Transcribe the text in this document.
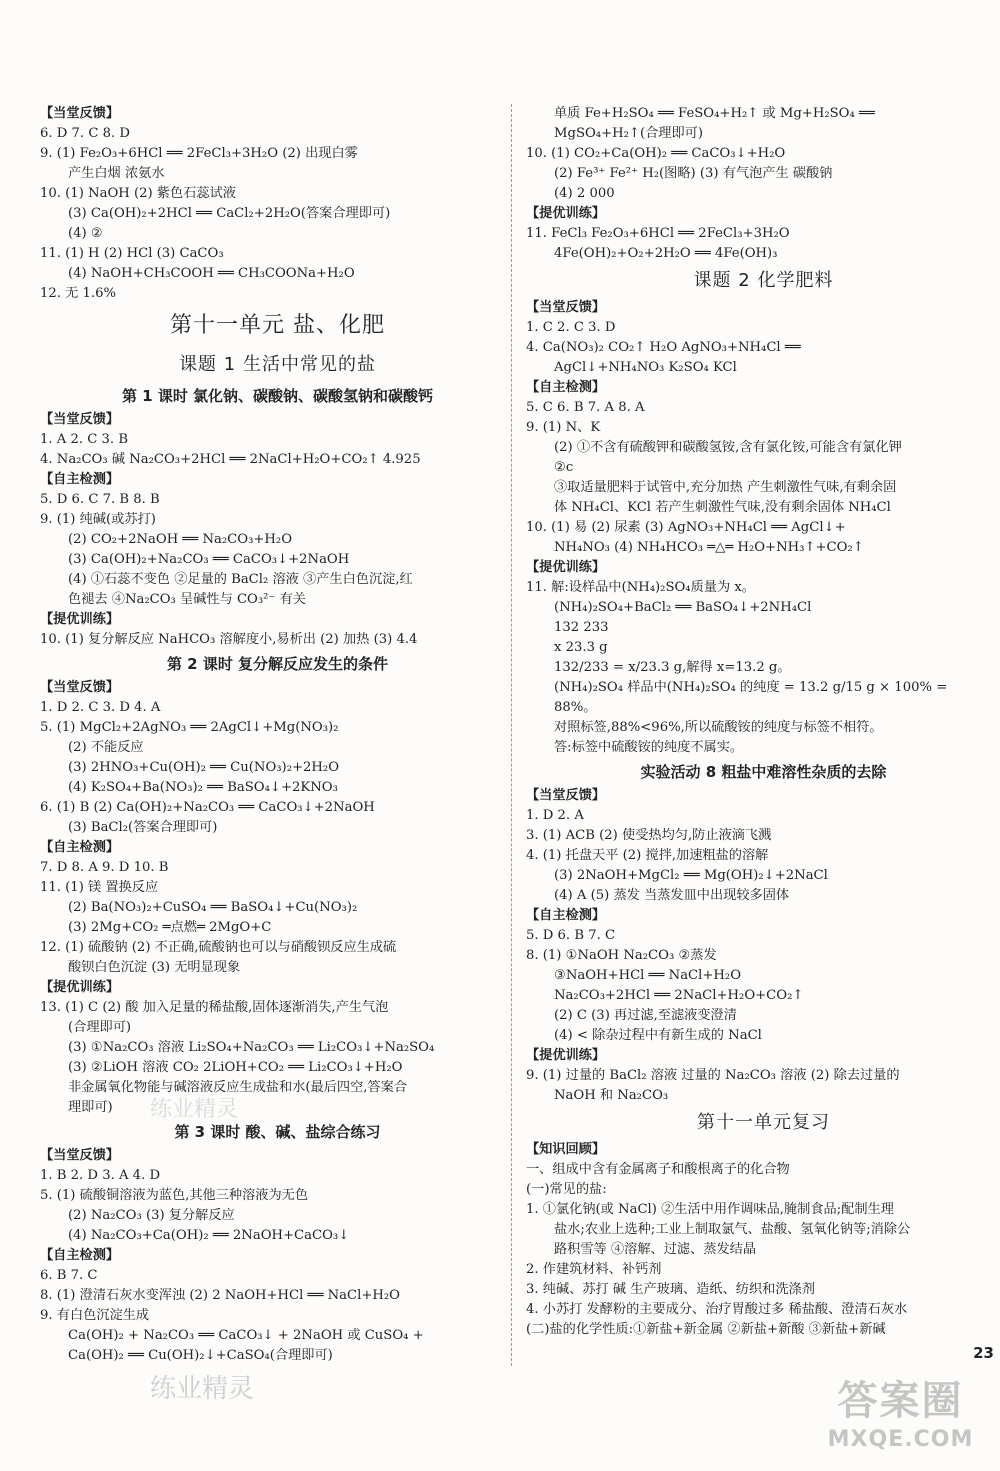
【当堂反馈】
6. D 7. C 8. D
9. (1) Fe₂O₃+6HCl ══ 2FeCl₃+3H₂O (2) 出现白雾
产生白烟 浓氨水
10. (1) NaOH (2) 紫色石蕊试液
(3) Ca(OH)₂+2HCl ══ CaCl₂+2H₂O(答案合理即可)
(4) ②
11. (1) H (2) HCl (3) CaCO₃
(4) NaOH+CH₃COOH ══ CH₃COONa+H₂O
12. 无 1.6%
第十一单元 盐、化肥
课题 1 生活中常见的盐
第 1 课时 氯化钠、碳酸钠、碳酸氢钠和碳酸钙
【当堂反馈】
1. A 2. C 3. B
4. Na₂CO₃ 碱 Na₂CO₃+2HCl ══ 2NaCl+H₂O+CO₂↑ 4.925
【自主检测】
5. D 6. C 7. B 8. B
9. (1) 纯碱(或苏打)
(2) CO₂+2NaOH ══ Na₂CO₃+H₂O
(3) Ca(OH)₂+Na₂CO₃ ══ CaCO₃↓+2NaOH
(4) ①石蕊不变色 ②足量的 BaCl₂ 溶液 ③产生白色沉淀,红
色褪去 ④Na₂CO₃ 呈碱性与 CO₃²⁻ 有关
【提优训练】
10. (1) 复分解反应 NaHCO₃ 溶解度小,易析出 (2) 加热 (3) 4.4
第 2 课时 复分解反应发生的条件
【当堂反馈】
1. D 2. C 3. D 4. A
5. (1) MgCl₂+2AgNO₃ ══ 2AgCl↓+Mg(NO₃)₂
(2) 不能反应
(3) 2HNO₃+Cu(OH)₂ ══ Cu(NO₃)₂+2H₂O
(4) K₂SO₄+Ba(NO₃)₂ ══ BaSO₄↓+2KNO₃
6. (1) B (2) Ca(OH)₂+Na₂CO₃ ══ CaCO₃↓+2NaOH
(3) BaCl₂(答案合理即可)
【自主检测】
7. D 8. A 9. D 10. B
11. (1) 镁 置换反应
(2) Ba(NO₃)₂+CuSO₄ ══ BaSO₄↓+Cu(NO₃)₂
(3) 2Mg+CO₂ ═点燃═ 2MgO+C
12. (1) 硫酸钠 (2) 不正确,硫酸钠也可以与硝酸钡反应生成硫
酸钡白色沉淀 (3) 无明显现象
【提优训练】
13. (1) C (2) 酸 加入足量的稀盐酸,固体逐渐消失,产生气泡
(合理即可)
(3) ①Na₂CO₃ 溶液 Li₂SO₄+Na₂CO₃ ══ Li₂CO₃↓+Na₂SO₄
(3) ②LiOH 溶液 CO₂ 2LiOH+CO₂ ══ Li₂CO₃↓+H₂O
非金属氧化物能与碱溶液反应生成盐和水(最后四空,答案合
理即可)
第 3 课时 酸、碱、盐综合练习
【当堂反馈】
1. B 2. D 3. A 4. D
5. (1) 硫酸铜溶液为蓝色,其他三种溶液为无色
(2) Na₂CO₃ (3) 复分解反应
(4) Na₂CO₃+Ca(OH)₂ ══ 2NaOH+CaCO₃↓
【自主检测】
6. B 7. C
8. (1) 澄清石灰水变浑浊 (2) 2 NaOH+HCl ══ NaCl+H₂O
9. 有白色沉淀生成
Ca(OH)₂ + Na₂CO₃ ══ CaCO₃↓ + 2NaOH 或 CuSO₄ +
Ca(OH)₂ ══ Cu(OH)₂↓+CaSO₄(合理即可)
单质 Fe+H₂SO₄ ══ FeSO₄+H₂↑ 或 Mg+H₂SO₄ ══
MgSO₄+H₂↑(合理即可)
10. (1) CO₂+Ca(OH)₂ ══ CaCO₃↓+H₂O
(2) Fe³⁺ Fe²⁺ H₂(图略) (3) 有气泡产生 碳酸钠
(4) 2 000
【提优训练】
11. FeCl₃ Fe₂O₃+6HCl ══ 2FeCl₃+3H₂O
4Fe(OH)₂+O₂+2H₂O ══ 4Fe(OH)₃
课题 2 化学肥料
【当堂反馈】
1. C 2. C 3. D
4. Ca(NO₃)₂ CO₂↑ H₂O AgNO₃+NH₄Cl ══
AgCl↓+NH₄NO₃ K₂SO₄ KCl
【自主检测】
5. C 6. B 7. A 8. A
9. (1) N、K
(2) ①不含有硫酸钾和碳酸氢铵,含有氯化铵,可能含有氯化钾
②c
③取适量肥料于试管中,充分加热 产生刺激性气味,有剩余固
体 NH₄Cl、KCl 若产生刺激性气味,没有剩余固体 NH₄Cl
10. (1) 易 (2) 尿素 (3) AgNO₃+NH₄Cl ══ AgCl↓+
NH₄NO₃ (4) NH₄HCO₃ ═△═ H₂O+NH₃↑+CO₂↑
【提优训练】
11. 解:设样品中(NH₄)₂SO₄质量为 x。
(NH₄)₂SO₄+BaCl₂ ══ BaSO₄↓+2NH₄Cl
132 233
x 23.3 g
132/233 = x/23.3 g,解得 x=13.2 g。
(NH₄)₂SO₄ 样品中(NH₄)₂SO₄ 的纯度 = 13.2 g/15 g × 100% =
88%。
对照标签,88%<96%,所以硫酸铵的纯度与标签不相符。
答:标签中硫酸铵的纯度不属实。
实验活动 8 粗盐中难溶性杂质的去除
【当堂反馈】
1. D 2. A
3. (1) ACB (2) 使受热均匀,防止液滴飞溅
4. (1) 托盘天平 (2) 搅拌,加速粗盐的溶解
(3) 2NaOH+MgCl₂ ══ Mg(OH)₂↓+2NaCl
(4) A (5) 蒸发 当蒸发皿中出现较多固体
【自主检测】
5. D 6. B 7. C
8. (1) ①NaOH Na₂CO₃ ②蒸发
③NaOH+HCl ══ NaCl+H₂O
Na₂CO₃+2HCl ══ 2NaCl+H₂O+CO₂↑
(2) C (3) 再过滤,至滤液变澄清
(4) < 除杂过程中有新生成的 NaCl
【提优训练】
9. (1) 过量的 BaCl₂ 溶液 过量的 Na₂CO₃ 溶液 (2) 除去过量的
NaOH 和 Na₂CO₃
第十一单元复习
【知识回顾】
一、组成中含有金属离子和酸根离子的化合物
(一)常见的盐:
1. ①氯化钠(或 NaCl) ②生活中用作调味品,腌制食品;配制生理
盐水;农业上选种;工业上制取氯气、盐酸、氢氧化钠等;消除公
路积雪等 ④溶解、过滤、蒸发结晶
2. 作建筑材料、补钙剂
3. 纯碱、苏打 碱 生产玻璃、造纸、纺织和洗涤剂
4. 小苏打 发酵粉的主要成分、治疗胃酸过多 稀盐酸、澄清石灰水
(二)盐的化学性质:①新盐+新金属 ②新盐+新酸 ③新盐+新碱
练业精灵
练业精灵
23
答案圈
MXQE.COM
